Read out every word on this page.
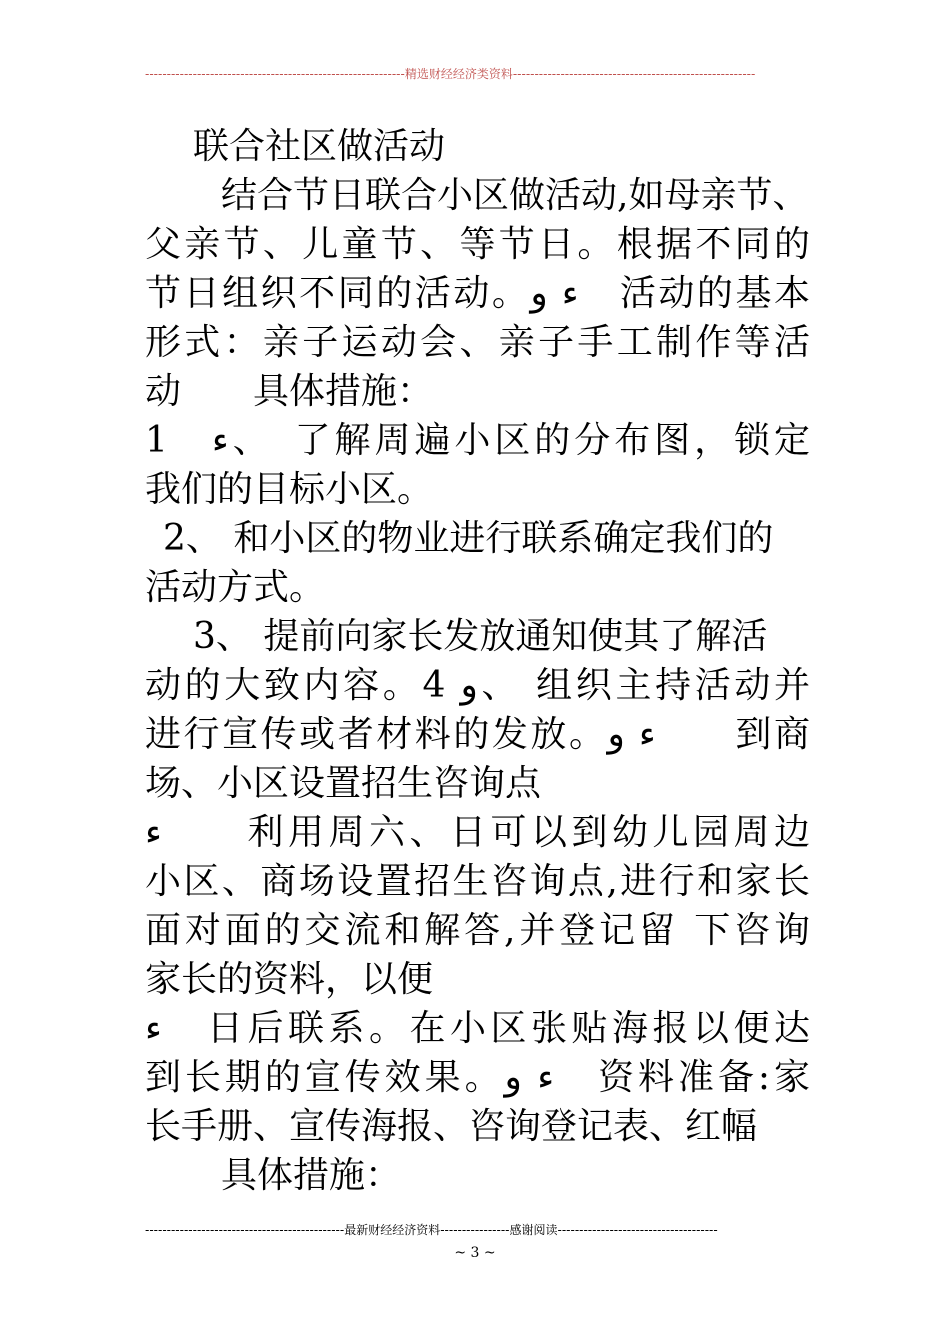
------------------------------------------------------------精选财经经济类资料--------------------------------------------------------
联合社区做活动
结合节日联合小区做活动,如母亲节、
父亲节、儿童节、等节日。根据不同的
节日组织不同的活动。ء و　活动的基本
形式：亲子运动会、亲子手工制作等活
动　　具体措施：
1　ء、　了解周遍小区的分布图，锁定
我们的目标小区。
2、 和小区的物业进行联系确定我们的
活动方式。
3、 提前向家长发放通知使其了解活
动的大致内容。4 و、 组织主持活动并
进行宣传或者材料的发放。ء و　　到商
场、小区设置招生咨询点
ء　　利用周六、日可以到幼儿园周边
小区、商场设置招生咨询点,进行和家长
面对面的交流和解答,并登记留 下咨询
家长的资料，以便
ء　日后联系。在小区张贴海报以便达
到长期的宣传效果。ء و　资料准备:家
长手册、宣传海报、咨询登记表、红幅
具体措施：
----------------------------------------------最新财经经济资料----------------感谢阅读-------------------------------------
~ 3 ~
